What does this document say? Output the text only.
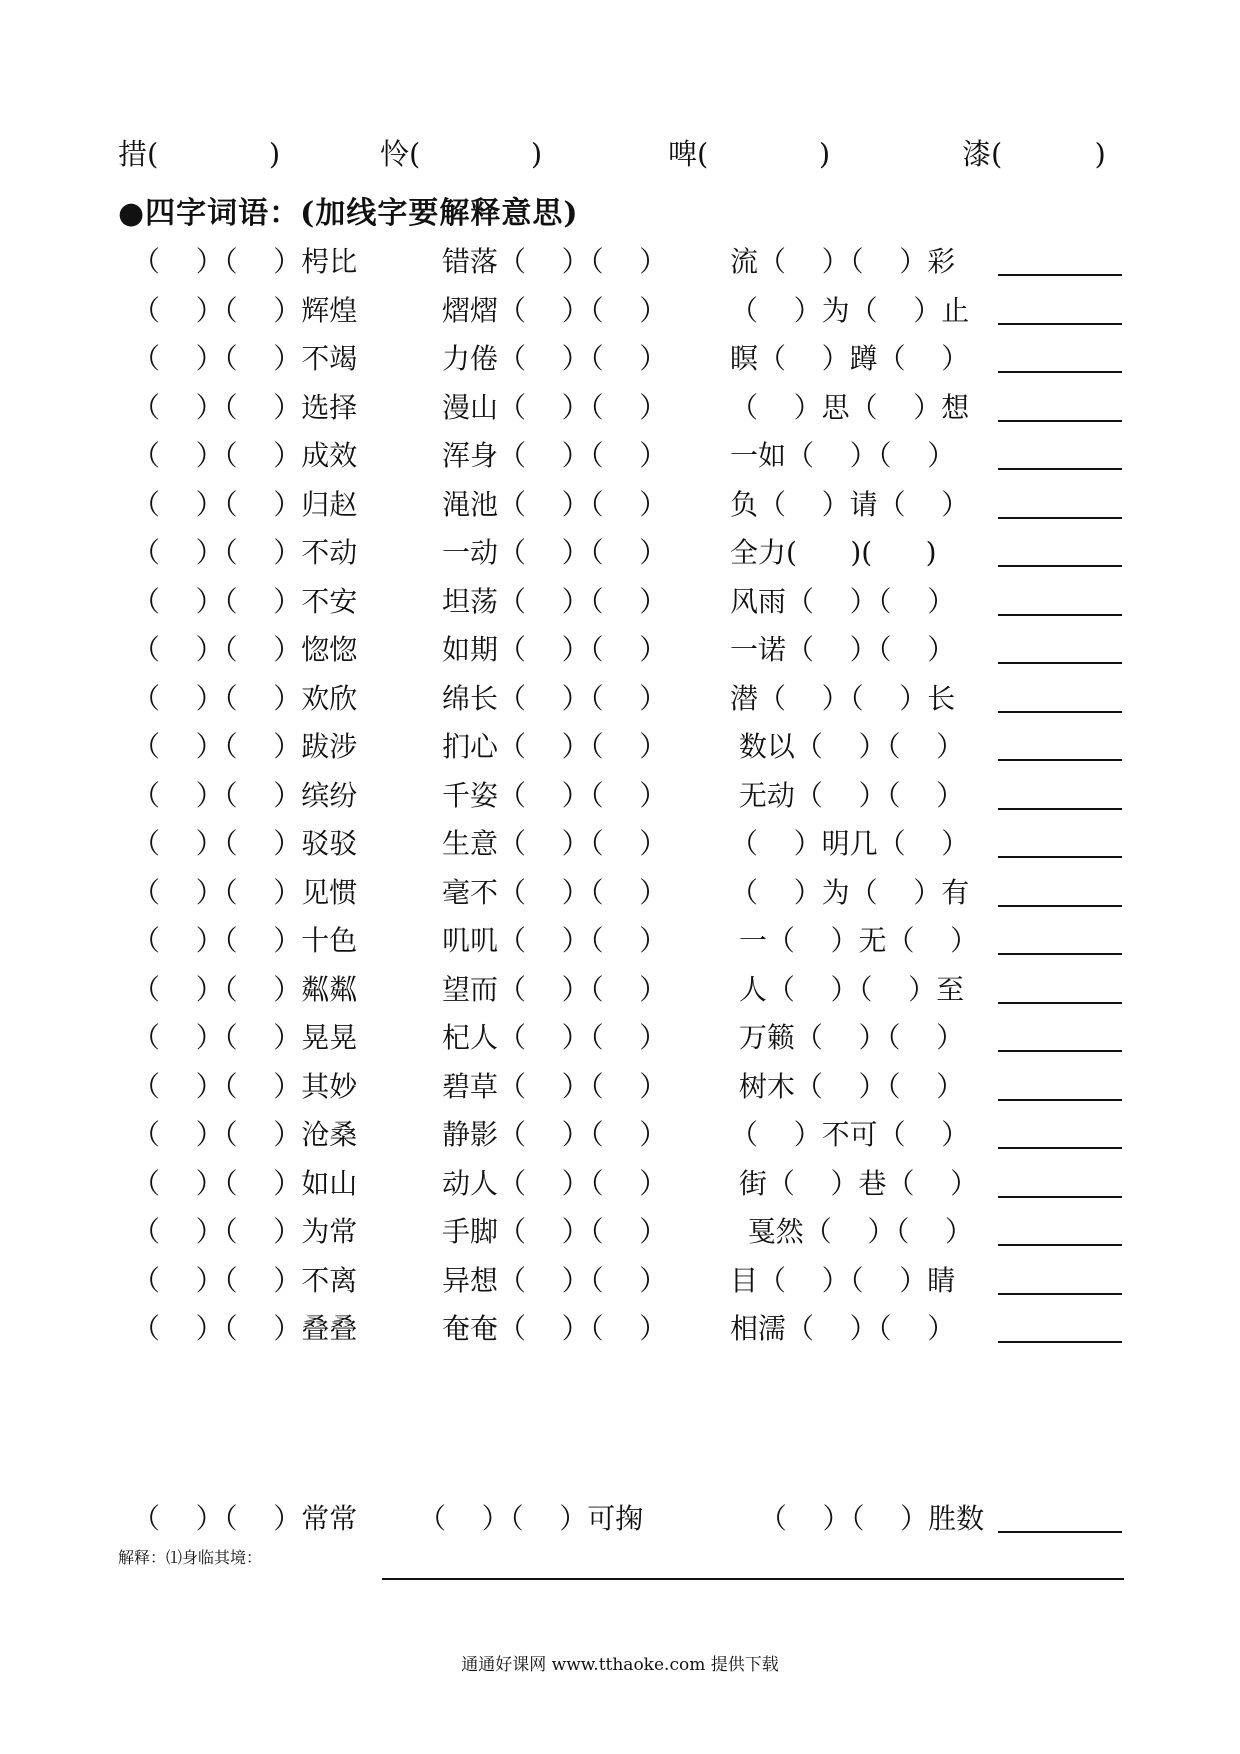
措(            )	怜(            )	啤(            )	漆(          )
●四字词语：(加线字要解释意思)
（    ）（    ）枵比	错落（    ）（    ） 流（    ）（    ）彩
（    ）（    ）辉煌	熠熠（    ）（    ） （    ）为（    ）止
（    ）（    ）不竭	力倦（    ）（    ） 瞑（    ）蹲（    ）
（    ）（    ）选择	漫山（    ）（    ） （    ）思（    ）想
（    ）（    ）成效	浑身（    ）（    ） 一如（    ）（    ）
（    ）（    ）归赵	渑池（    ）（    ） 负（    ）请（    ）
（    ）（    ）不动	一动（    ）（    ） 全力(      )(      )
（    ）（    ）不安	坦荡（    ）（    ） 风雨（    ）（    ）
（    ）（    ）惚惚	如期（    ）（    ） 一诺（    ）（    ）
（    ）（    ）欢欣	绵长（    ）（    ） 潜（    ）（    ）长
（    ）（    ）跋涉	扪心（    ）（    ） 数以（    ）（    ）
（    ）（    ）缤纷	千姿（    ）（    ） 无动（    ）（    ）
（    ）（    ）驳驳	生意（    ）（    ） （    ）明几（    ）
（    ）（    ）见惯	毫不（    ）（    ） （    ）为（    ）有
（    ）（    ）十色	叽叽（    ）（    ） 一（    ）无（    ）
（    ）（    ）粼粼	望而（    ）（    ） 人（    ）（    ）至
（    ）（    ）晃晃	杞人（    ）（    ） 万籁（    ）（    ）
（    ）（    ）其妙	碧草（    ）（    ） 树木（    ）（    ）
（    ）（    ）沧桑	静影（    ）（    ） （    ）不可（    ）
（    ）（    ）如山	动人（    ）（    ） 街（    ）巷（    ）
（    ）（    ）为常	手脚（    ）（    ） 戛然（    ）（    ）
（    ）（    ）不离	异想（    ）（    ） 目（    ）（    ）睛
（    ）（    ）叠叠	奄奄（    ）（    ） 相濡（    ）（    ）
（    ）（    ）常常 （    ）（    ）可掬	（    ）（    ）胜数
解释：⑴身临其境：
通通好课网 www.tthaoke.com 提供下载
